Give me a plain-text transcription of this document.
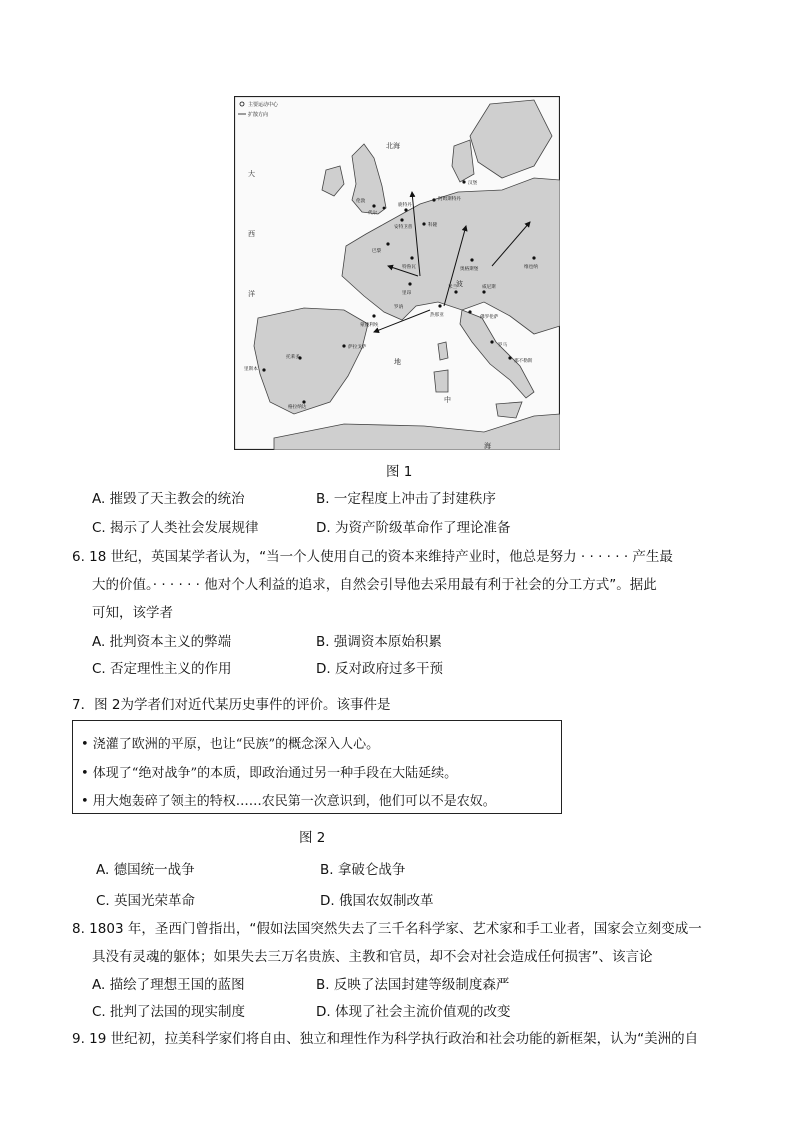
主要运动中心
扩散方向
大
西
洋
北海
波
地
中
海
伦敦
鹿特丹
阿姆斯特丹
汉堡
代尔
安特卫普	科隆
巴黎
特鲁瓦	奥格斯堡	维也纳
里昂
罗讷
米兰	威尼斯
热那亚	佛罗伦萨
罗马
那不勒斯
蒙彼利埃
萨拉戈萨
托莱多
里斯本
格拉纳达
图 1
A. 摧毁了天主教会的统治	B. 一定程度上冲击了封建秩序
C. 揭示了人类社会发展规律	D. 为资产阶级革命作了理论准备
6. 18 世纪，英国某学者认为，“当一个人使用自己的资本来维持产业时，他总是努力 · · · · · · 产生最
大的价值。· · · · · · 他对个人利益的追求，自然会引导他去采用最有利于社会的分工方式”。据此
可知，该学者
A. 批判资本主义的弊端	B. 强调资本原始积累
C. 否定理性主义的作用	D. 反对政府过多干预
7．图 2为学者们对近代某历史事件的评价。该事件是
• 浇灌了欧洲的平原，也让“民族”的概念深入人心。
• 体现了“绝对战争”的本质，即政治通过另一种手段在大陆延续。
• 用大炮轰碎了领主的特权……农民第一次意识到，他们可以不是农奴。
图 2
A. 德国统一战争	B. 拿破仑战争
C. 英国光荣革命	D. 俄国农奴制改革
8. 1803 年，圣西门曾指出，“假如法国突然失去了三千名科学家、艺术家和手工业者，国家会立刻变成一
具没有灵魂的躯体；如果失去三万名贵族、主教和官员，却不会对社会造成任何损害”、该言论
A. 描绘了理想王国的蓝图	B. 反映了法国封建等级制度森严
C. 批判了法国的现实制度	D. 体现了社会主流价值观的改变
9. 19 世纪初，拉美科学家们将自由、独立和理性作为科学执行政治和社会功能的新框架，认为“美洲的自
